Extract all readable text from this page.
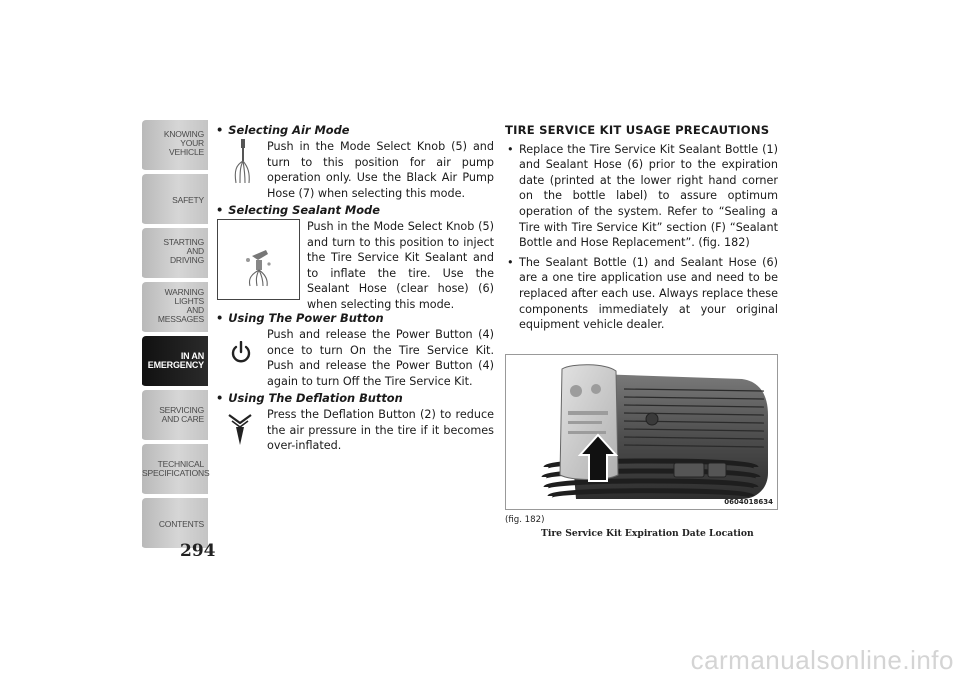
KNOWING
YOUR
VEHICLE
SAFETY
STARTING
AND
DRIVING
WARNING
LIGHTS
AND
MESSAGES
IN AN
EMERGENCY
SERVICING
AND CARE
TECHNICAL
SPECIFICATIONS
CONTENTS
294
• Selecting Air Mode
Push in the Mode Select Knob (5) and turn to this position for air pump operation only. Use the Black Air Pump Hose (7) when selecting this mode.
• Selecting Sealant Mode
Push in the Mode Select Knob (5) and turn to this position to inject the Tire Service Kit Sealant and to inflate the tire. Use the Sealant Hose (clear hose) (6) when selecting this mode.
• Using The Power Button
Push and release the Power Button (4) once to turn On the Tire Service Kit. Push and release the Power Button (4) again to turn Off the Tire Service Kit.
• Using The Deflation Button
Press the Deflation Button (2) to reduce the air pressure in the tire if it becomes over-inflated.
TIRE SERVICE KIT USAGE PRECAUTIONS
• Replace the Tire Service Kit Sealant Bottle (1) and Sealant Hose (6) prior to the expiration date (printed at the lower right hand corner on the bottle label) to assure optimum operation of the system. Refer to “Sealing a Tire with Tire Service Kit” section (F) “Sealant Bottle and Hose Replacement”. (fig. 182)
• The Sealant Bottle (1) and Sealant Hose (6) are a one tire application use and need to be replaced after each use. Always replace these components immediately at your original equipment vehicle dealer.
0604018634
(fig. 182)
Tire Service Kit Expiration Date Location
carmanualsonline.info
